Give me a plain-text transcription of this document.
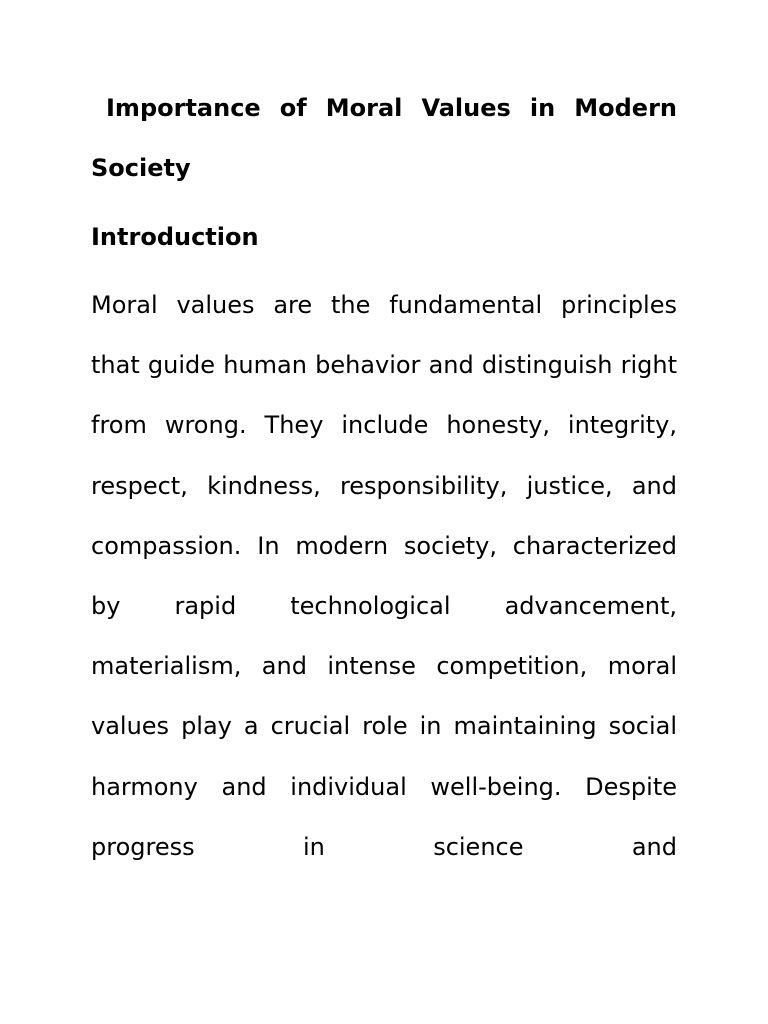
Importance of Moral Values in Modern Society
Introduction

Moral values are the fundamental principles that guide human behavior and distinguish right from wrong. They include honesty, integrity, respect, kindness, responsibility, justice, and compassion. In modern society, characterized by rapid technological advancement, materialism, and intense competition, moral values play a crucial role in maintaining social harmony and individual well-being. Despite progress in science and
